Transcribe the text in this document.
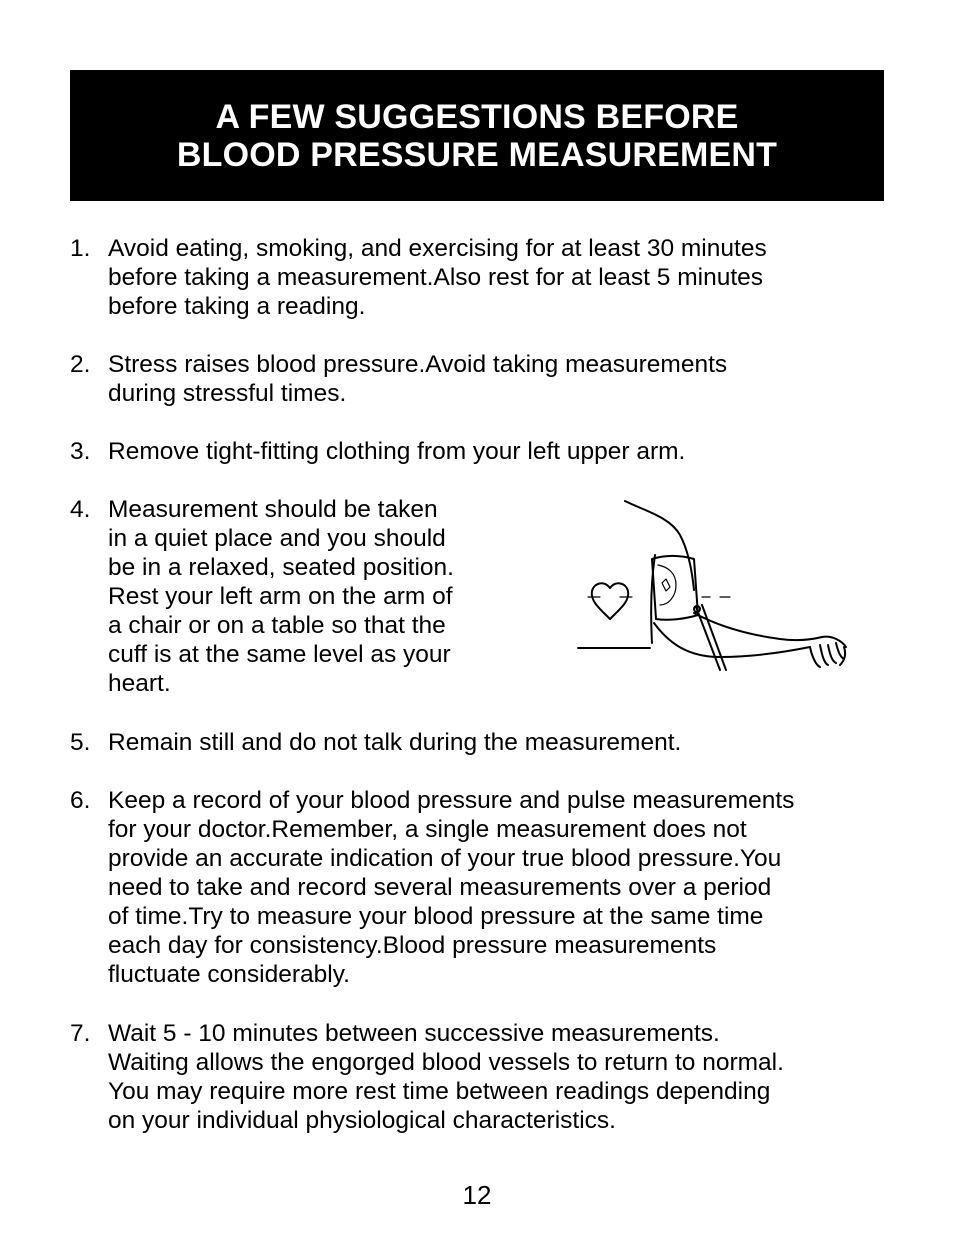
A FEW SUGGESTIONS BEFORE
BLOOD PRESSURE MEASUREMENT
1. Avoid eating, smoking, and exercising for at least 30 minutes
before taking a measurement.Also rest for at least 5 minutes
before taking a reading.
2. Stress raises blood pressure.Avoid taking measurements
during stressful times.
3. Remove tight-fitting clothing from your left upper arm.
4. Measurement should be taken
in a quiet place and you should
be in a relaxed, seated position.
Rest your left arm on the arm of
a chair or on a table so that the
cuff is at the same level as your
heart.
5. Remain still and do not talk during the measurement.
6. Keep a record of your blood pressure and pulse measurements
for your doctor.Remember, a single measurement does not
provide an accurate indication of your true blood pressure.You
need to take and record several measurements over a period
of time.Try to measure your blood pressure at the same time
each day for consistency.Blood pressure measurements
fluctuate considerably.
7. Wait 5 - 10 minutes between successive measurements.
Waiting allows the engorged blood vessels to return to normal.
You may require more rest time between readings depending
on your individual physiological characteristics.
12
